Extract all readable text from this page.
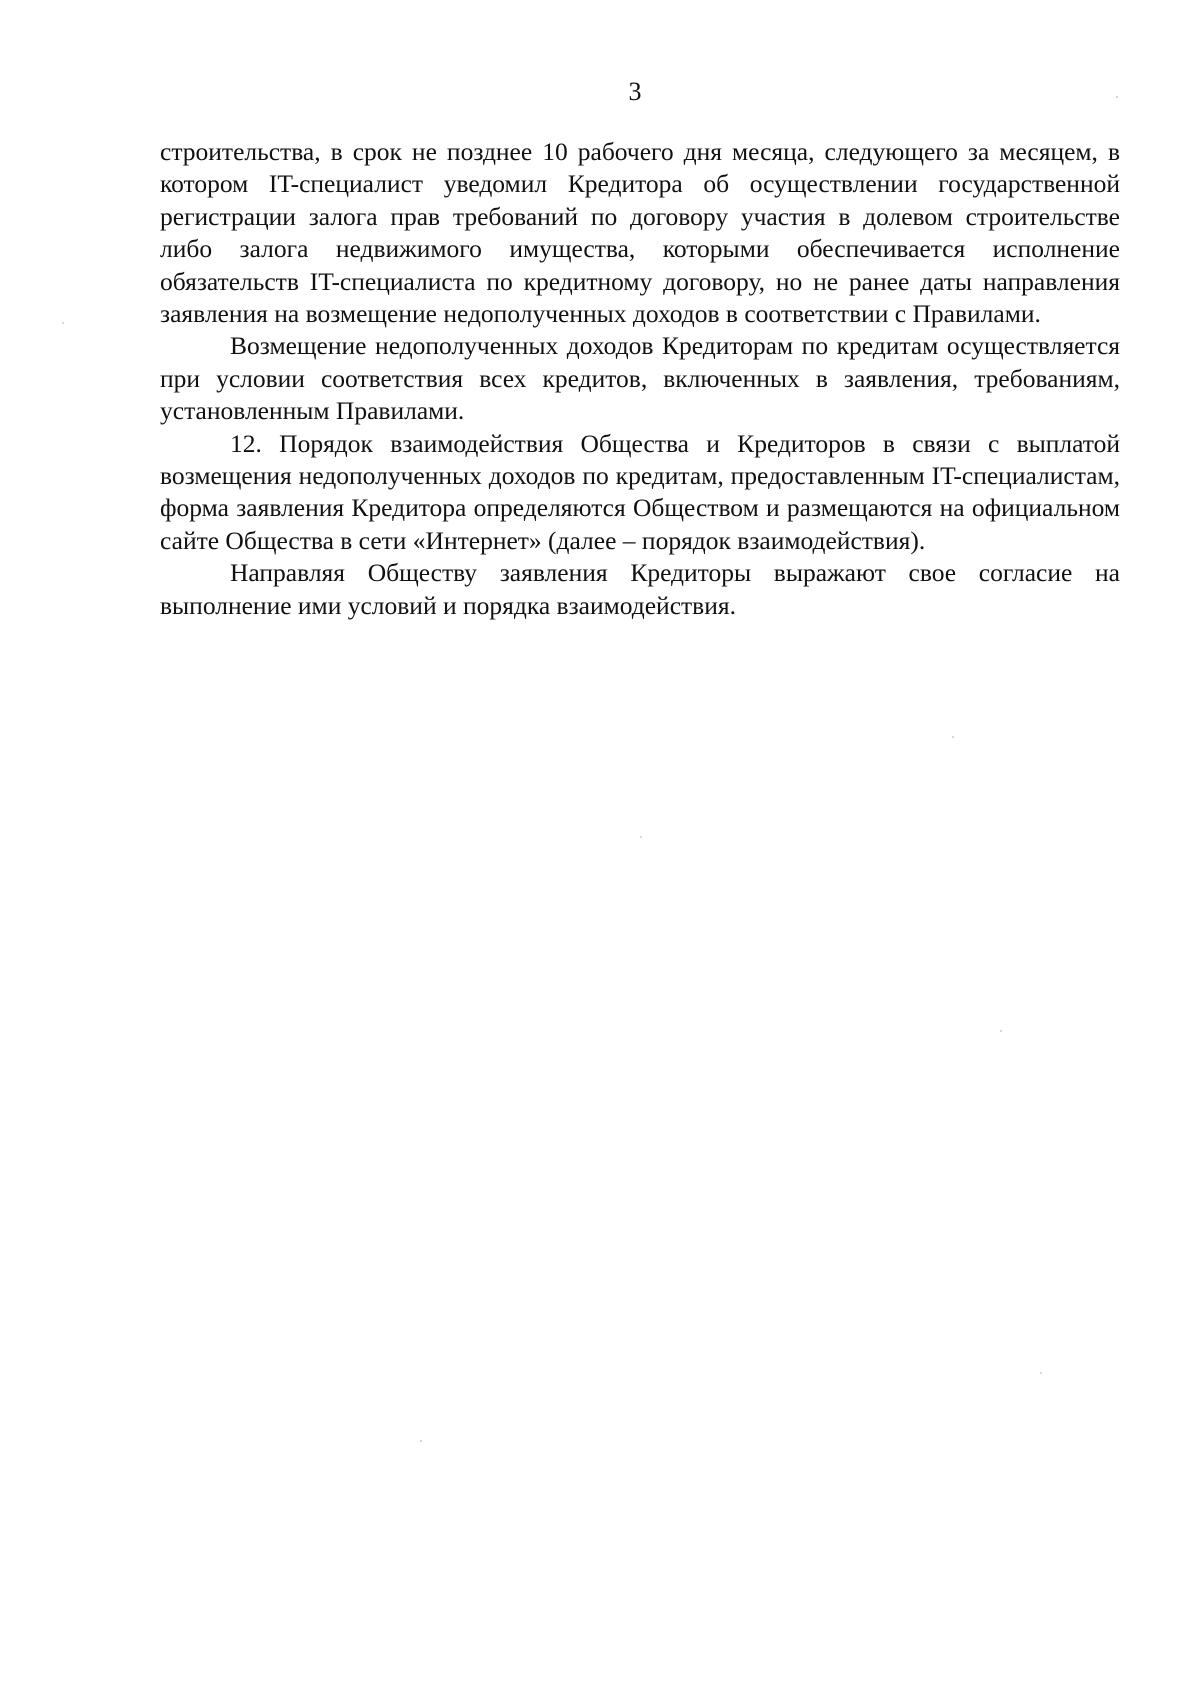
3

строительства, в срок не позднее 10 рабочего дня месяца, следующего за месяцем, в котором IT-специалист уведомил Кредитора об осуществлении государственной регистрации залога прав требований по договору участия в долевом строительстве либо залога недвижимого имущества, которыми обеспечивается исполнение обязательств IT-специалиста по кредитному договору, но не ранее даты направления заявления на возмещение недополученных доходов в соответствии с Правилами.

Возмещение недополученных доходов Кредиторам по кредитам осуществляется при условии соответствия всех кредитов, включенных в заявления, требованиям, установленным Правилами.

12. Порядок взаимодействия Общества и Кредиторов в связи с выплатой возмещения недополученных доходов по кредитам, предоставленным IT-специалистам, форма заявления Кредитора определяются Обществом и размещаются на официальном сайте Общества в сети «Интернет» (далее – порядок взаимодействия).

Направляя Обществу заявления Кредиторы выражают свое согласие на выполнение ими условий и порядка взаимодействия.
